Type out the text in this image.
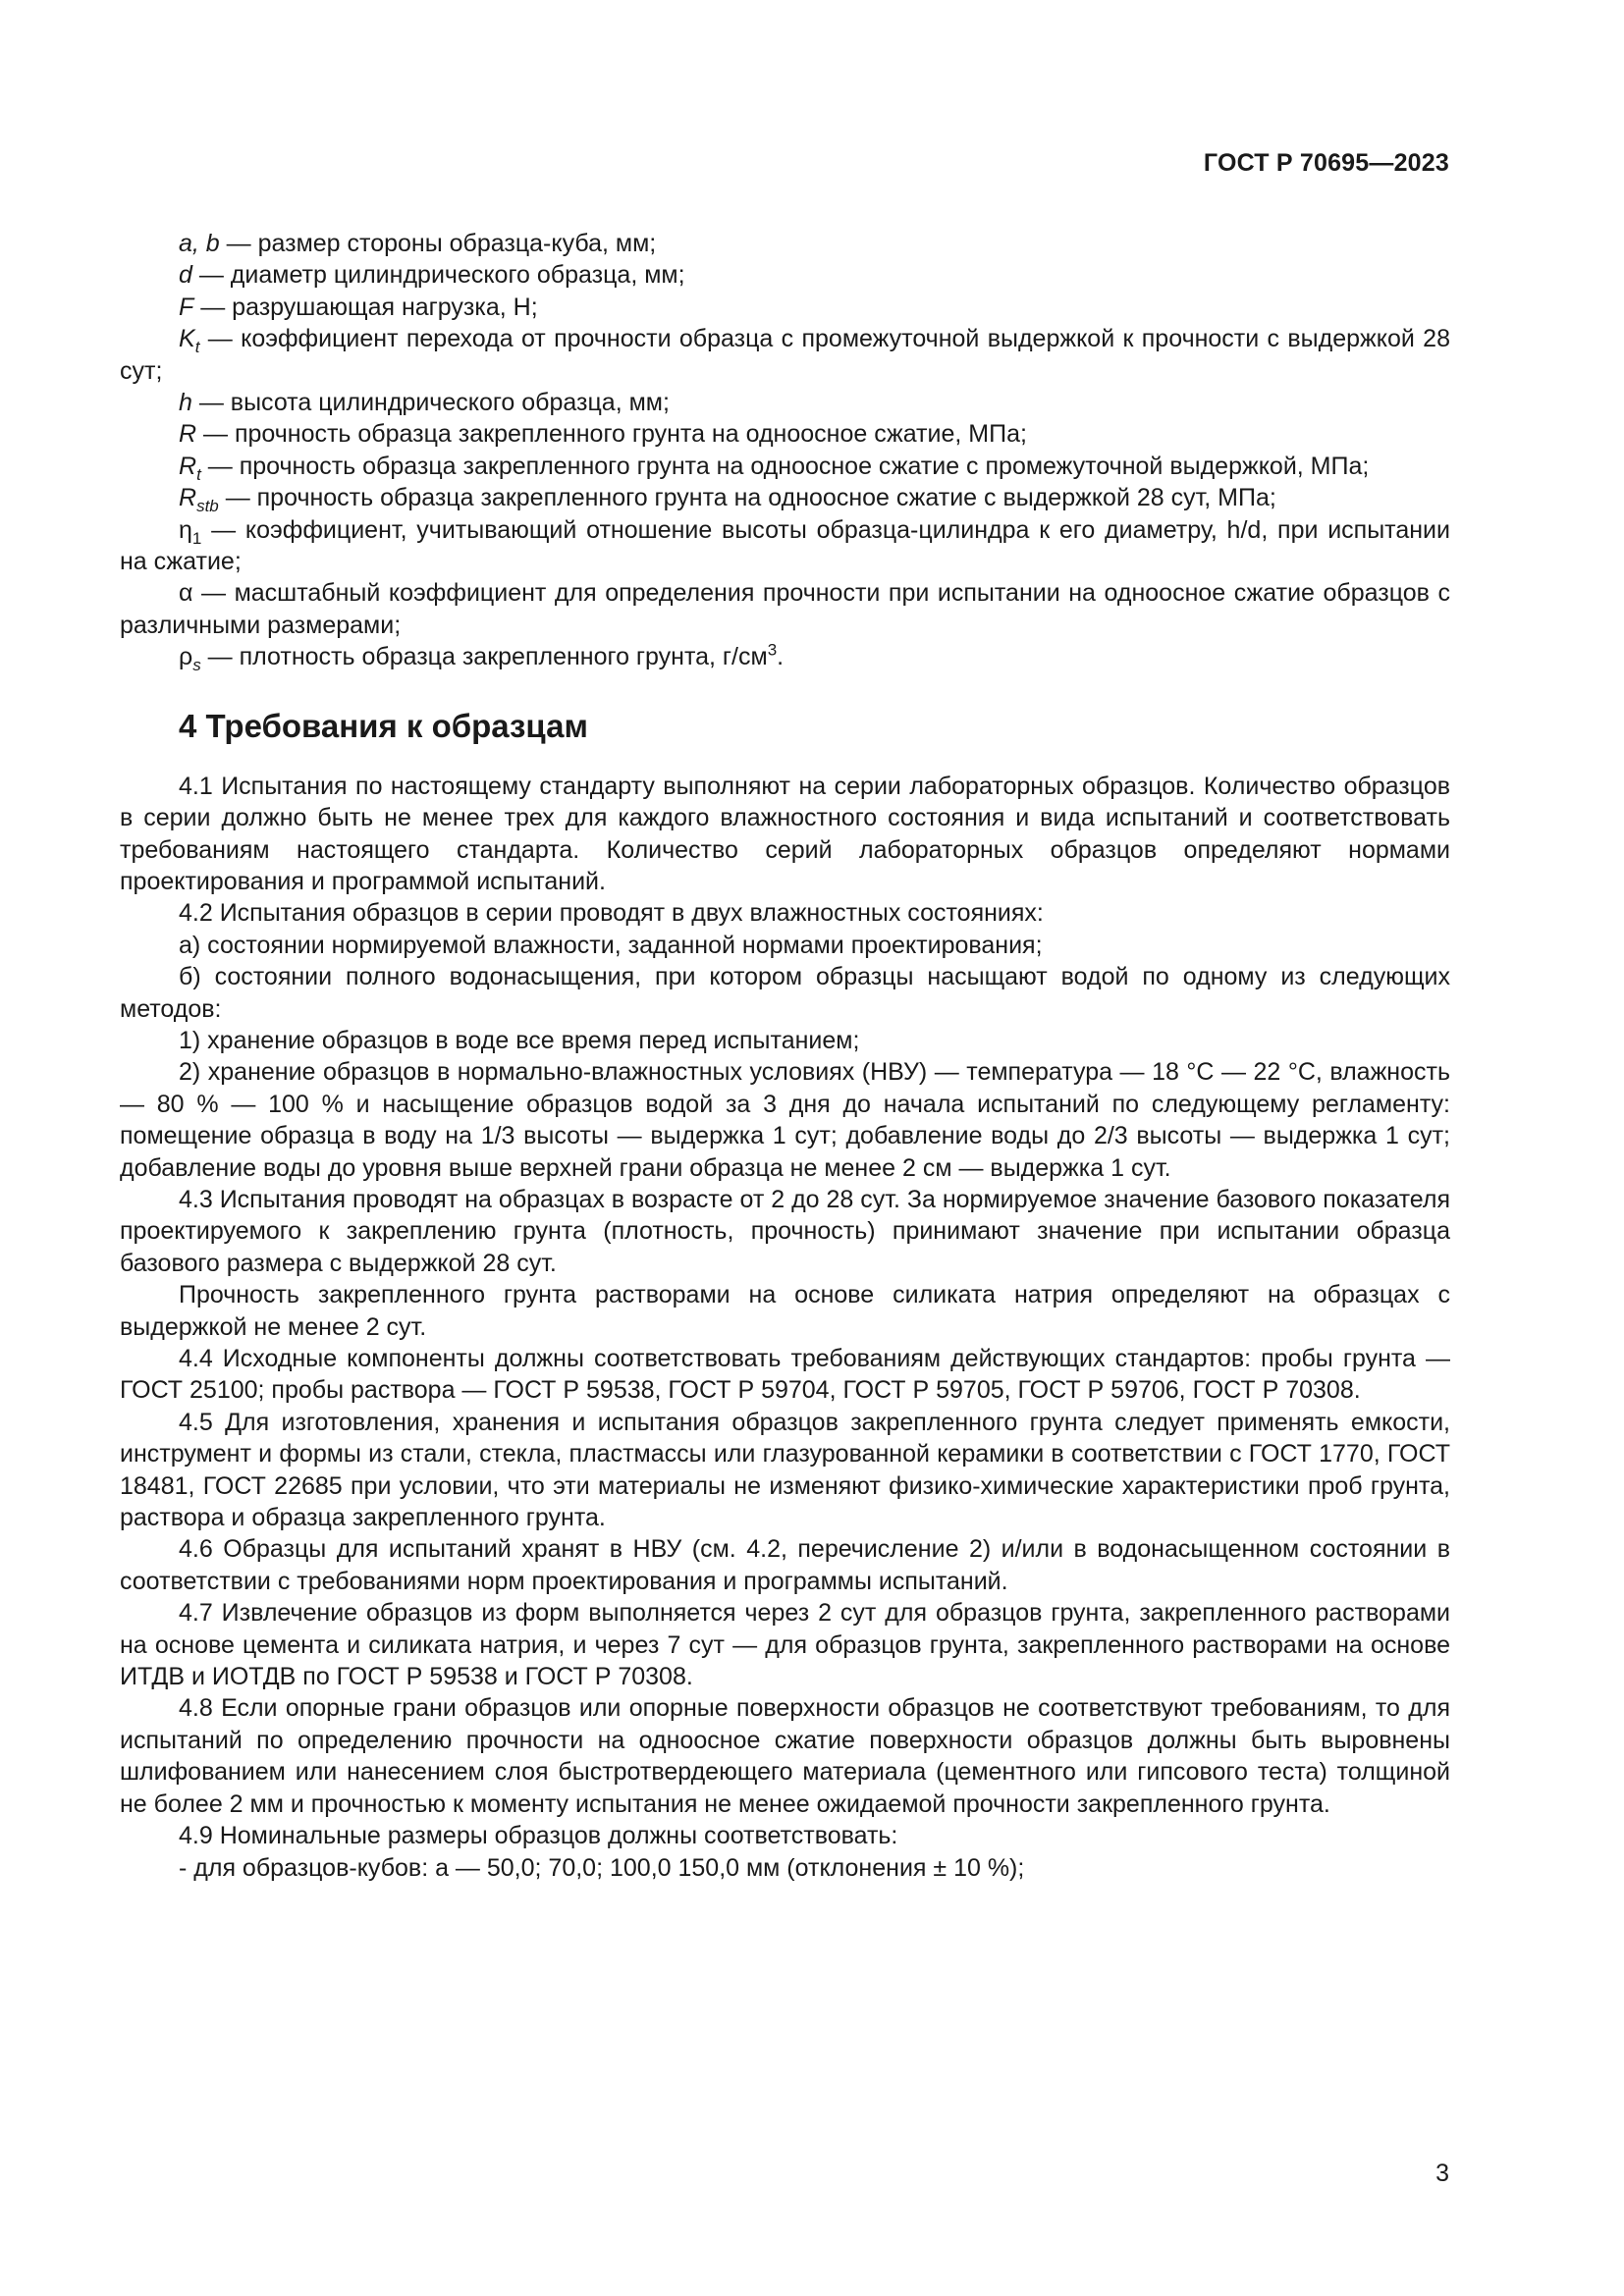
ГОСТ Р 70695—2023

a, b — размер стороны образца-куба, мм;

d — диаметр цилиндрического образца, мм;

F — разрушающая нагрузка, Н;

$K_t$ — коэффициент перехода от прочности образца с промежуточной выдержкой к прочности с выдержкой 28 сут;

h — высота цилиндрического образца, мм;

R — прочность образца закрепленного грунта на одноосное сжатие, МПа;

$R_t$ — прочность образца закрепленного грунта на одноосное сжатие с промежуточной выдержкой, МПа;

$R_{stb}$ — прочность образца закрепленного грунта на одноосное сжатие с выдержкой 28 сут, МПа;

$\eta_1$ — коэффициент, учитывающий отношение высоты образца-цилиндра к его диаметру, h/d, при испытании на сжатие;

α — масштабный коэффициент для определения прочности при испытании на одноосное сжатие образцов с различными размерами;

$\rho_s$ — плотность образца закрепленного грунта, $г/см^3$.

4 Требования к образцам

4.1 Испытания по настоящему стандарту выполняют на серии лабораторных образцов. Количество образцов в серии должно быть не менее трех для каждого влажностного состояния и вида испытаний и соответствовать требованиям настоящего стандарта. Количество серий лабораторных образцов определяют нормами проектирования и программой испытаний.

4.2 Испытания образцов в серии проводят в двух влажностных состояниях:

а) состоянии нормируемой влажности, заданной нормами проектирования;

б) состоянии полного водонасыщения, при котором образцы насыщают водой по одному из следующих методов:

1) хранение образцов в воде все время перед испытанием;

2) хранение образцов в нормально-влажностных условиях (НВУ) — температура — 18 °С — 22 °С, влажность — 80 % — 100 % и насыщение образцов водой за 3 дня до начала испытаний по следующему регламенту: помещение образца в воду на 1/3 высоты — выдержка 1 сут; добавление воды до 2/3 высоты — выдержка 1 сут; добавление воды до уровня выше верхней грани образца не менее 2 см — выдержка 1 сут.

4.3 Испытания проводят на образцах в возрасте от 2 до 28 сут. За нормируемое значение базового показателя проектируемого к закреплению грунта (плотность, прочность) принимают значение при испытании образца базового размера с выдержкой 28 сут.

Прочность закрепленного грунта растворами на основе силиката натрия определяют на образцах с выдержкой не менее 2 сут.

4.4 Исходные компоненты должны соответствовать требованиям действующих стандартов: пробы грунта — ГОСТ 25100; пробы раствора — ГОСТ Р 59538, ГОСТ Р 59704, ГОСТ Р 59705, ГОСТ Р 59706, ГОСТ Р 70308.

4.5 Для изготовления, хранения и испытания образцов закрепленного грунта следует применять емкости, инструмент и формы из стали, стекла, пластмассы или глазурованной керамики в соответствии с ГОСТ 1770, ГОСТ 18481, ГОСТ 22685 при условии, что эти материалы не изменяют физико-химические характеристики проб грунта, раствора и образца закрепленного грунта.

4.6 Образцы для испытаний хранят в НВУ (см. 4.2, перечисление 2) и/или в водонасыщенном состоянии в соответствии с требованиями норм проектирования и программы испытаний.

4.7 Извлечение образцов из форм выполняется через 2 сут для образцов грунта, закрепленного растворами на основе цемента и силиката натрия, и через 7 сут — для образцов грунта, закрепленного растворами на основе ИТДВ и ИОТДВ по ГОСТ Р 59538 и ГОСТ Р 70308.

4.8 Если опорные грани образцов или опорные поверхности образцов не соответствуют требованиям, то для испытаний по определению прочности на одноосное сжатие поверхности образцов должны быть выровнены шлифованием или нанесением слоя быстротвердеющего материала (цементного или гипсового теста) толщиной не более 2 мм и прочностью к моменту испытания не менее ожидаемой прочности закрепленного грунта.

4.9 Номинальные размеры образцов должны соответствовать:

- для образцов-кубов: a — 50,0; 70,0; 100,0 150,0 мм (отклонения ± 10 %);

3
